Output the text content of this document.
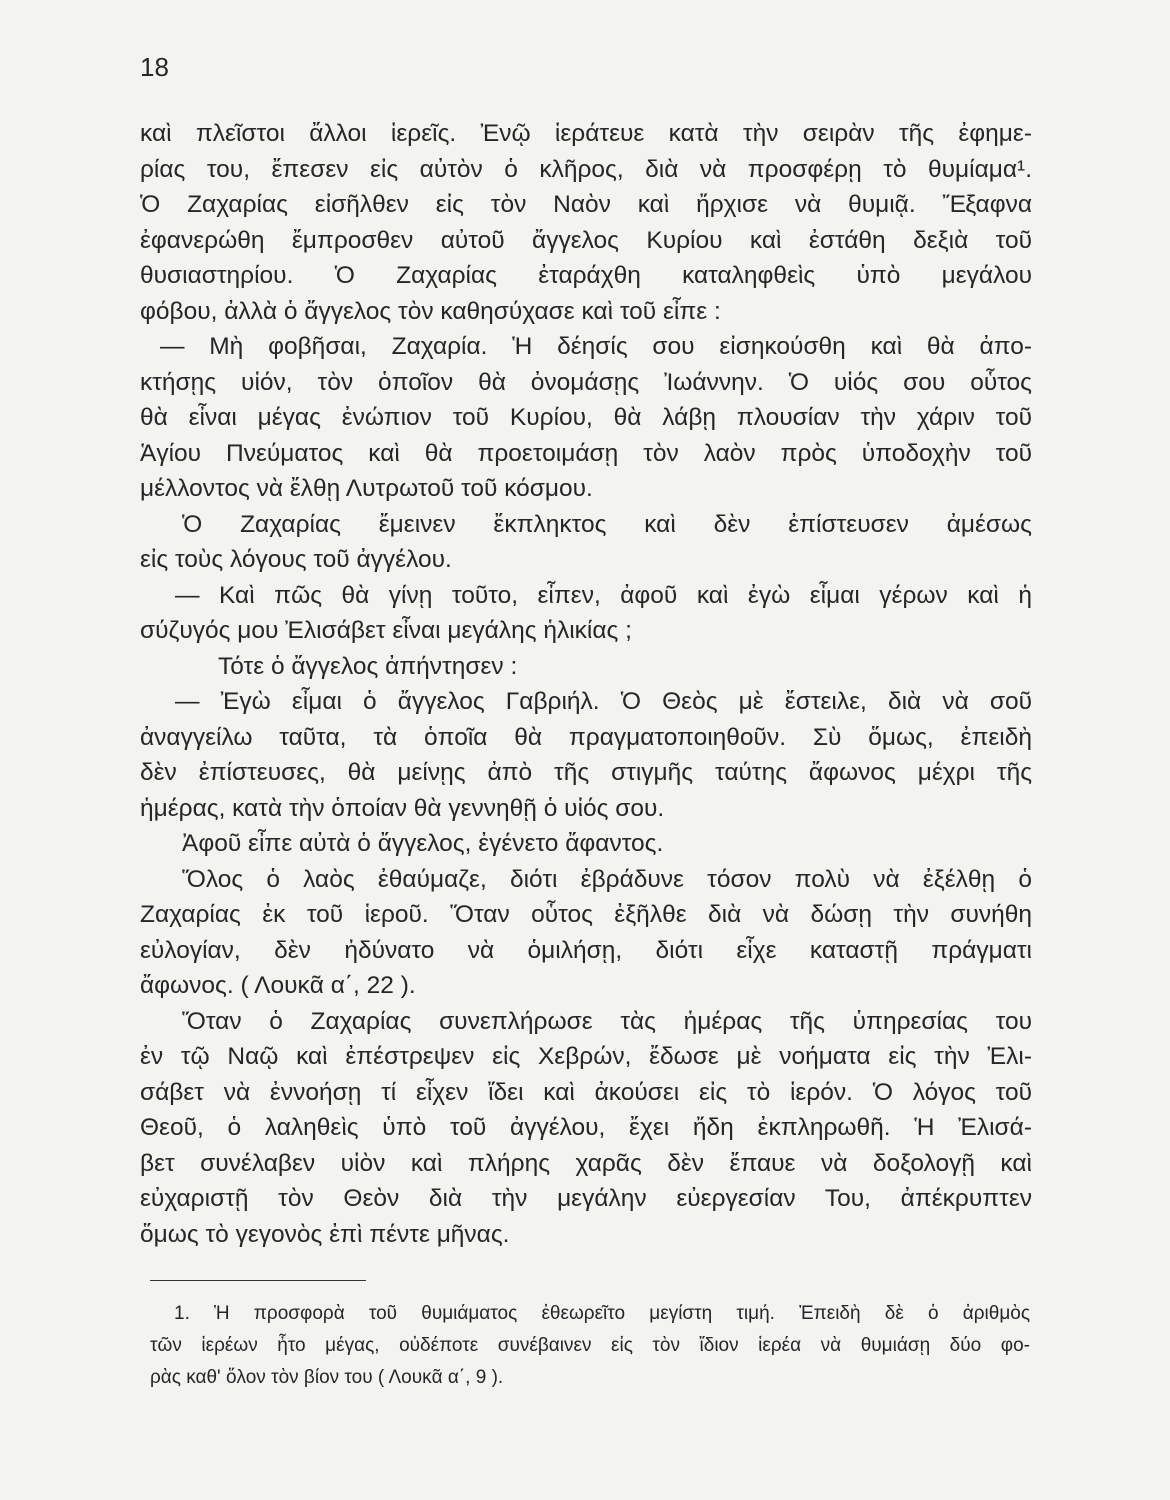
18
καὶ πλεῖστοι ἄλλοι ἱερεῖς. Ἐνῷ ἱεράτευε κατὰ τὴν σειρὰν τῆς ἐφημε-
ρίας του, ἔπεσεν εἰς αὐτὸν ὁ κλῆρος, διὰ νὰ προσφέρῃ τὸ θυμίαμα¹.
Ὁ Ζαχαρίας εἰσῆλθεν εἰς τὸν Ναὸν καὶ ἤρχισε νὰ θυμιᾷ. Ἔξαφνα
ἐφανερώθη ἔμπροσθεν αὐτοῦ ἄγγελος Κυρίου καὶ ἐστάθη δεξιὰ τοῦ
θυσιαστηρίου. Ὁ Ζαχαρίας ἐταράχθη καταληφθεὶς ὑπὸ μεγάλου
φόβου, ἀλλὰ ὁ ἄγγελος τὸν καθησύχασε καὶ τοῦ εἶπε :
— Μὴ φοβῆσαι, Ζαχαρία. Ἡ δέησίς σου εἰσηκούσθη καὶ θὰ ἀπο-
κτήσῃς υἱόν, τὸν ὁποῖον θὰ ὀνομάσῃς Ἰωάννην. Ὁ υἱός σου οὗτος
θὰ εἶναι μέγας ἐνώπιον τοῦ Κυρίου, θὰ λάβῃ πλουσίαν τὴν χάριν τοῦ
Ἁγίου Πνεύματος καὶ θὰ προετοιμάσῃ τὸν λαὸν πρὸς ὑποδοχὴν τοῦ
μέλλοντος νὰ ἔλθῃ Λυτρωτοῦ τοῦ κόσμου.
Ὁ Ζαχαρίας ἔμεινεν ἔκπληκτος καὶ δὲν ἐπίστευσεν ἀμέσως
εἰς τοὺς λόγους τοῦ ἀγγέλου.
— Καὶ πῶς θὰ γίνῃ τοῦτο, εἶπεν, ἀφοῦ καὶ ἐγὼ εἶμαι γέρων καὶ ἡ
σύζυγός μου Ἐλισάβετ εἶναι μεγάλης ἡλικίας ;
Τότε ὁ ἄγγελος ἀπήντησεν :
— Ἐγὼ εἶμαι ὁ ἄγγελος Γαβριήλ. Ὁ Θεὸς μὲ ἔστειλε, διὰ νὰ σοῦ
ἀναγγείλω ταῦτα, τὰ ὁποῖα θὰ πραγματοποιηθοῦν. Σὺ ὅμως, ἐπειδὴ
δὲν ἐπίστευσες, θὰ μείνῃς ἀπὸ τῆς στιγμῆς ταύτης ἄφωνος μέχρι τῆς
ἡμέρας, κατὰ τὴν ὁποίαν θὰ γεννηθῇ ὁ υἱός σου.
Ἀφοῦ εἶπε αὐτὰ ὁ ἄγγελος, ἐγένετο ἄφαντος.
Ὅλος ὁ λαὸς ἐθαύμαζε, διότι ἐβράδυνε τόσον πολὺ νὰ ἐξέλθῃ ὁ
Ζαχαρίας ἐκ τοῦ ἱεροῦ. Ὅταν οὗτος ἐξῆλθε διὰ νὰ δώσῃ τὴν συνήθη
εὐλογίαν, δὲν ἠδύνατο νὰ ὁμιλήσῃ, διότι εἶχε καταστῇ πράγματι
ἄφωνος. ( Λουκᾶ α΄, 22 ).
Ὅταν ὁ Ζαχαρίας συνεπλήρωσε τὰς ἡμέρας τῆς ὑπηρεσίας του
ἐν τῷ Ναῷ καὶ ἐπέστρεψεν εἰς Χεβρών, ἔδωσε μὲ νοήματα εἰς τὴν Ἐλι-
σάβετ νὰ ἐννοήσῃ τί εἶχεν ἴδει καὶ ἀκούσει εἰς τὸ ἱερόν. Ὁ λόγος τοῦ
Θεοῦ, ὁ λαληθεὶς ὑπὸ τοῦ ἀγγέλου, ἔχει ἤδη ἐκπληρωθῆ. Ἡ Ἐλισά-
βετ συνέλαβεν υἱὸν καὶ πλήρης χαρᾶς δὲν ἔπαυε νὰ δοξολογῇ καὶ
εὐχαριστῇ τὸν Θεὸν διὰ τὴν μεγάλην εὐεργεσίαν Του, ἀπέκρυπτεν
ὅμως τὸ γεγονὸς ἐπὶ πέντε μῆνας.
1. Ἡ προσφορὰ τοῦ θυμιάματος ἐθεωρεῖτο μεγίστη τιμή. Ἐπειδὴ δὲ ὁ ἀριθμὸς
τῶν ἱερέων ἦτο μέγας, οὐδέποτε συνέβαινεν εἰς τὸν ἴδιον ἱερέα νὰ θυμιάσῃ δύο φο-
ρὰς καθ' ὅλον τὸν βίον του ( Λουκᾶ α΄, 9 ).
